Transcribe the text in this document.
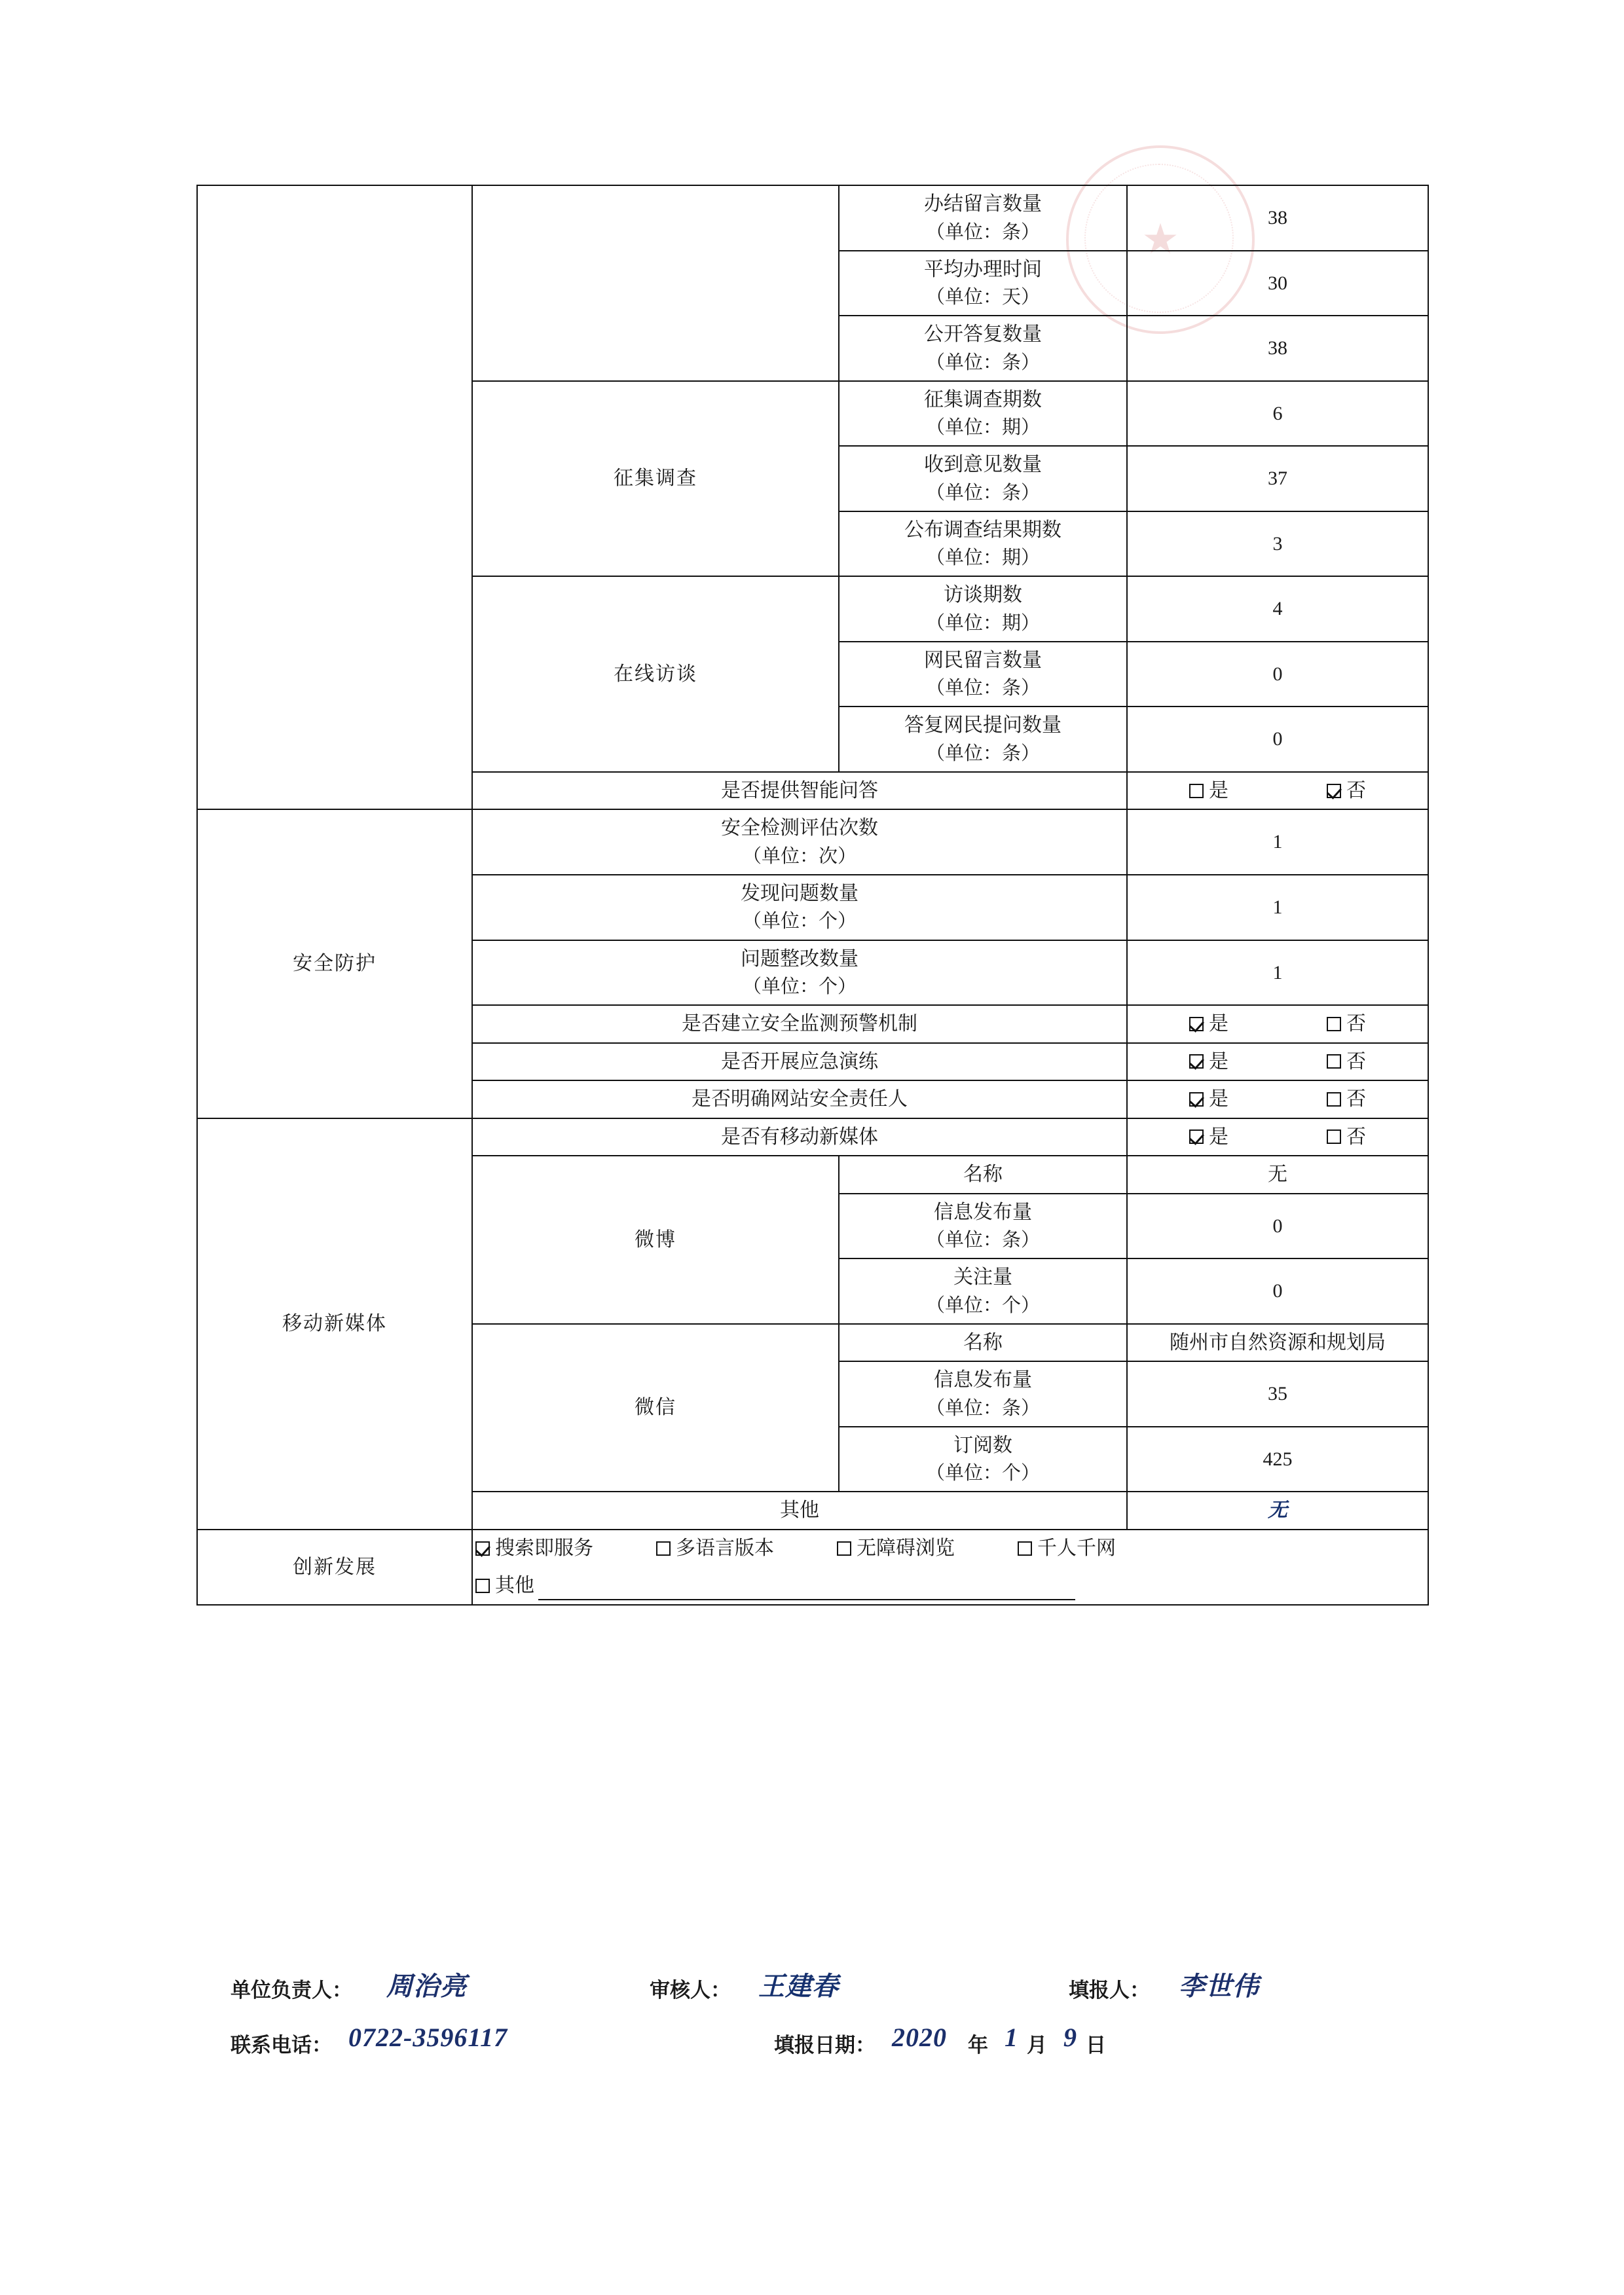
★
		办结留言数量
（单位：条）	38
		平均办理时间
（单位：天）	30
		公开答复数量
（单位：条）	38
	征集调查	征集调查期数
（单位：期）	6
		收到意见数量
（单位：条）	37
		公布调查结果期数
（单位：期）	3
	在线访谈	访谈期数
（单位：期）	4
		网民留言数量
（单位：条）	0
		答复网民提问数量
（单位：条）	0
	是否提供智能问答		是 否

安全防护	安全检测评估次数
（单位：次）		1
	发现问题数量
（单位：个）		1
	问题整改数量
（单位：个）		1
	是否建立安全监测预警机制		是 否

	是否开展应急演练		是 否

	是否明确网站安全责任人		是 否

移动新媒体	是否有移动新媒体		是 否

	微博	名称	无
		信息发布量
（单位：条）	0
		关注量
（单位：个）	0
	微信	名称	随州市自然资源和规划局
		信息发布量
（单位：条）	35
		订阅数
（单位：个）	425
	其他		无
创新发展	搜索即服务 多语言版本 无障碍浏览 千人千网
其他		
单位负责人： 周治亮	审核人： 王建春	填报人： 李世伟
联系电话： 0722-3596117	填报日期： 2020 年 1 月 9 日
